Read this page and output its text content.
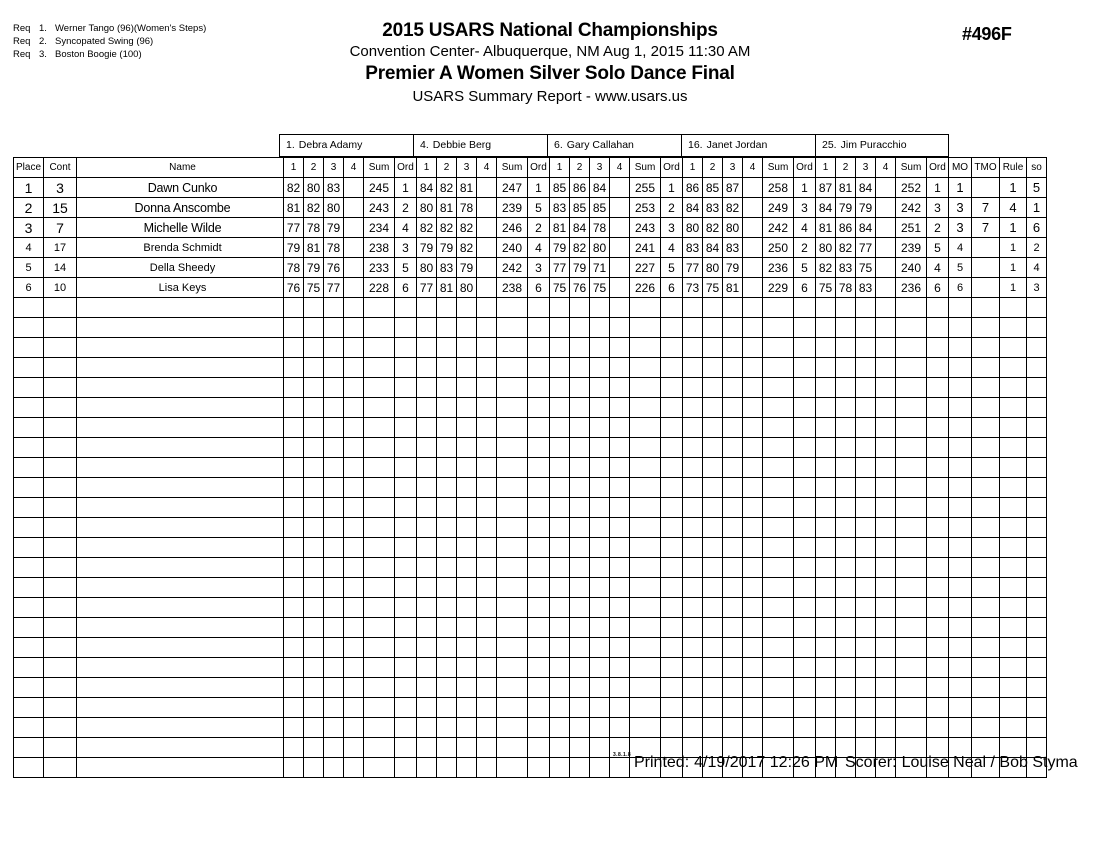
Req 1. Werner Tango (96)(Women's Steps)
Req 2. Syncopated Swing (96)
Req 3. Boston Boogie (100)
2015 USARS National Championships
Convention Center- Albuquerque, NM Aug 1, 2015 11:30 AM
Premier A Women Silver Solo Dance Final
USARS Summary Report - www.usars.us
#496F
1. Debra Adamy	4. Debbie Berg	6. Gary Callahan	16. Janet Jordan	25. Jim Puracchio
Place	Cont	Name	1	2	3	4	Sum	Ord	1	2	3	4	Sum	Ord	1	2	3	4	Sum	Ord	1	2	3	4	Sum	Ord	1	2	3	4	Sum	Ord	MO	TMO	Rule	so
1	3	Dawn Cunko	82	80	83		245	1	84	82	81		247	1	85	86	84		255	1	86	85	87		258	1	87	81	84		252	1	1		1	5
2	15	Donna Anscombe	81	82	80		243	2	80	81	78		239	5	83	85	85		253	2	84	83	82		249	3	84	79	79		242	3	3	7	4	1
3	7	Michelle Wilde	77	78	79		234	4	82	82	82		246	2	81	84	78		243	3	80	82	80		242	4	81	86	84		251	2	3	7	1	6
4	17	Brenda Schmidt	79	81	78		238	3	79	79	82		240	4	79	82	80		241	4	83	84	83		250	2	80	82	77		239	5	4		1	2
5	14	Della Sheedy	78	79	76		233	5	80	83	79		242	3	77	79	71		227	5	77	80	79		236	5	82	83	75		240	4	5		1	4
6	10	Lisa Keys	76	75	77		228	6	77	81	80		238	6	75	76	75		226	6	73	75	81		229	6	75	78	83		236	6	6		1	3

3.8.1.8 Printed: 4/19/2017 12:26 PM Scorer: Louise Neal / Bob Styma
